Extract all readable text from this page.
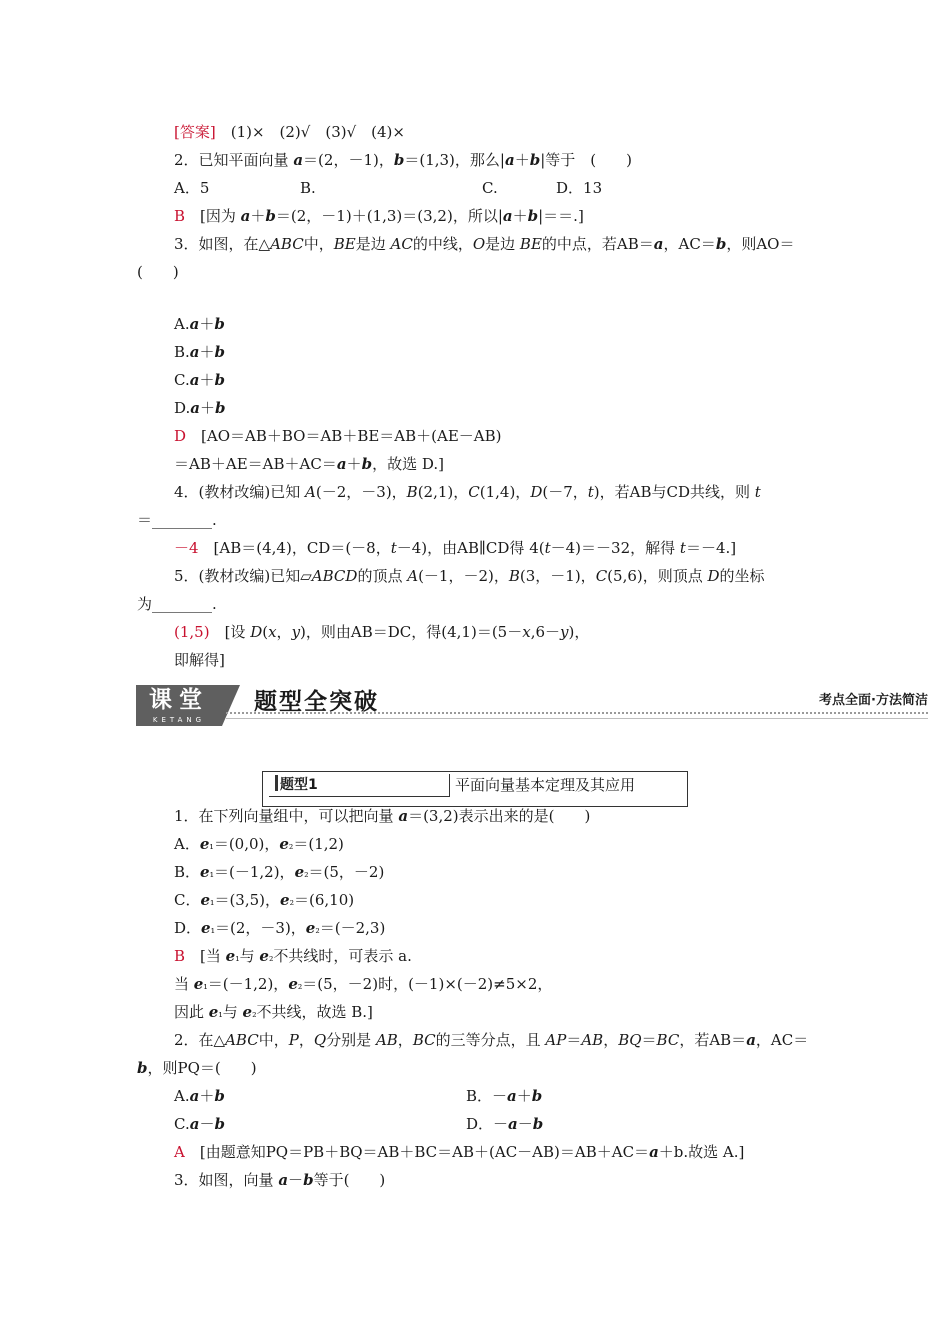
[答案]　(1)×　(2)√　(3)√　(4)×
2．已知平面向量 a＝(2，－1)，b＝(1,3)，那么|a＋b|等于　(　　)
A．5	B.	C.	D．13
B　[因为 a＋b＝(2，－1)＋(1,3)＝(3,2)，所以|a＋b|＝＝.]
3．如图，在△ABC中，BE是边 AC的中线，O是边 BE的中点，若AB＝a，AC＝b，则AO＝
(　　)
A.a＋b
B.a＋b
C.a＋b
D.a＋b
D　[AO＝AB＋BO＝AB＋BE＝AB＋(AE－AB)
＝AB＋AE＝AB＋AC＝a＋b，故选 D.]
4．(教材改编)已知 A(－2，－3)，B(2,1)，C(1,4)，D(－7，t)，若AB与CD共线，则 t
＝________.
－4　[AB＝(4,4)，CD＝(－8，t－4)，由AB∥CD得 4(t－4)＝－32，解得 t＝－4.]
5．(教材改编)已知▱ABCD的顶点 A(－1，－2)，B(3，－1)，C(5,6)，则顶点 D的坐标
为________.
(1,5)　[设 D(x，y)，则由AB＝DC，得(4,1)＝(5－x,6－y)，
即解得]
1．在下列向量组中，可以把向量 a＝(3,2)表示出来的是(　　)
A．e₁＝(0,0)，e₂＝(1,2)
B．e₁＝(－1,2)，e₂＝(5，－2)
C．e₁＝(3,5)，e₂＝(6,10)
D．e₁＝(2，－3)，e₂＝(－2,3)
B　[当 e₁与 e₂不共线时，可表示 a.
当 e₁＝(－1,2)，e₂＝(5，－2)时，(－1)×(－2)≠5×2，
因此 e₁与 e₂不共线，故选 B.]
2．在△ABC中，P，Q分别是 AB，BC的三等分点，且 AP＝AB，BQ＝BC，若AB＝a，AC＝
b，则PQ＝(　　)
A.a＋b	B．－a＋b
C.a－b	D．－a－b
A　[由题意知PQ＝PB＋BQ＝AB＋BC＝AB＋(AC－AB)＝AB＋AC＝a＋b.故选 A.]
3．如图，向量 a－b等于(　　)
课堂
KETANG
题型全突破	考点全面·方法简洁
题型1	平面向量基本定理及其应用
